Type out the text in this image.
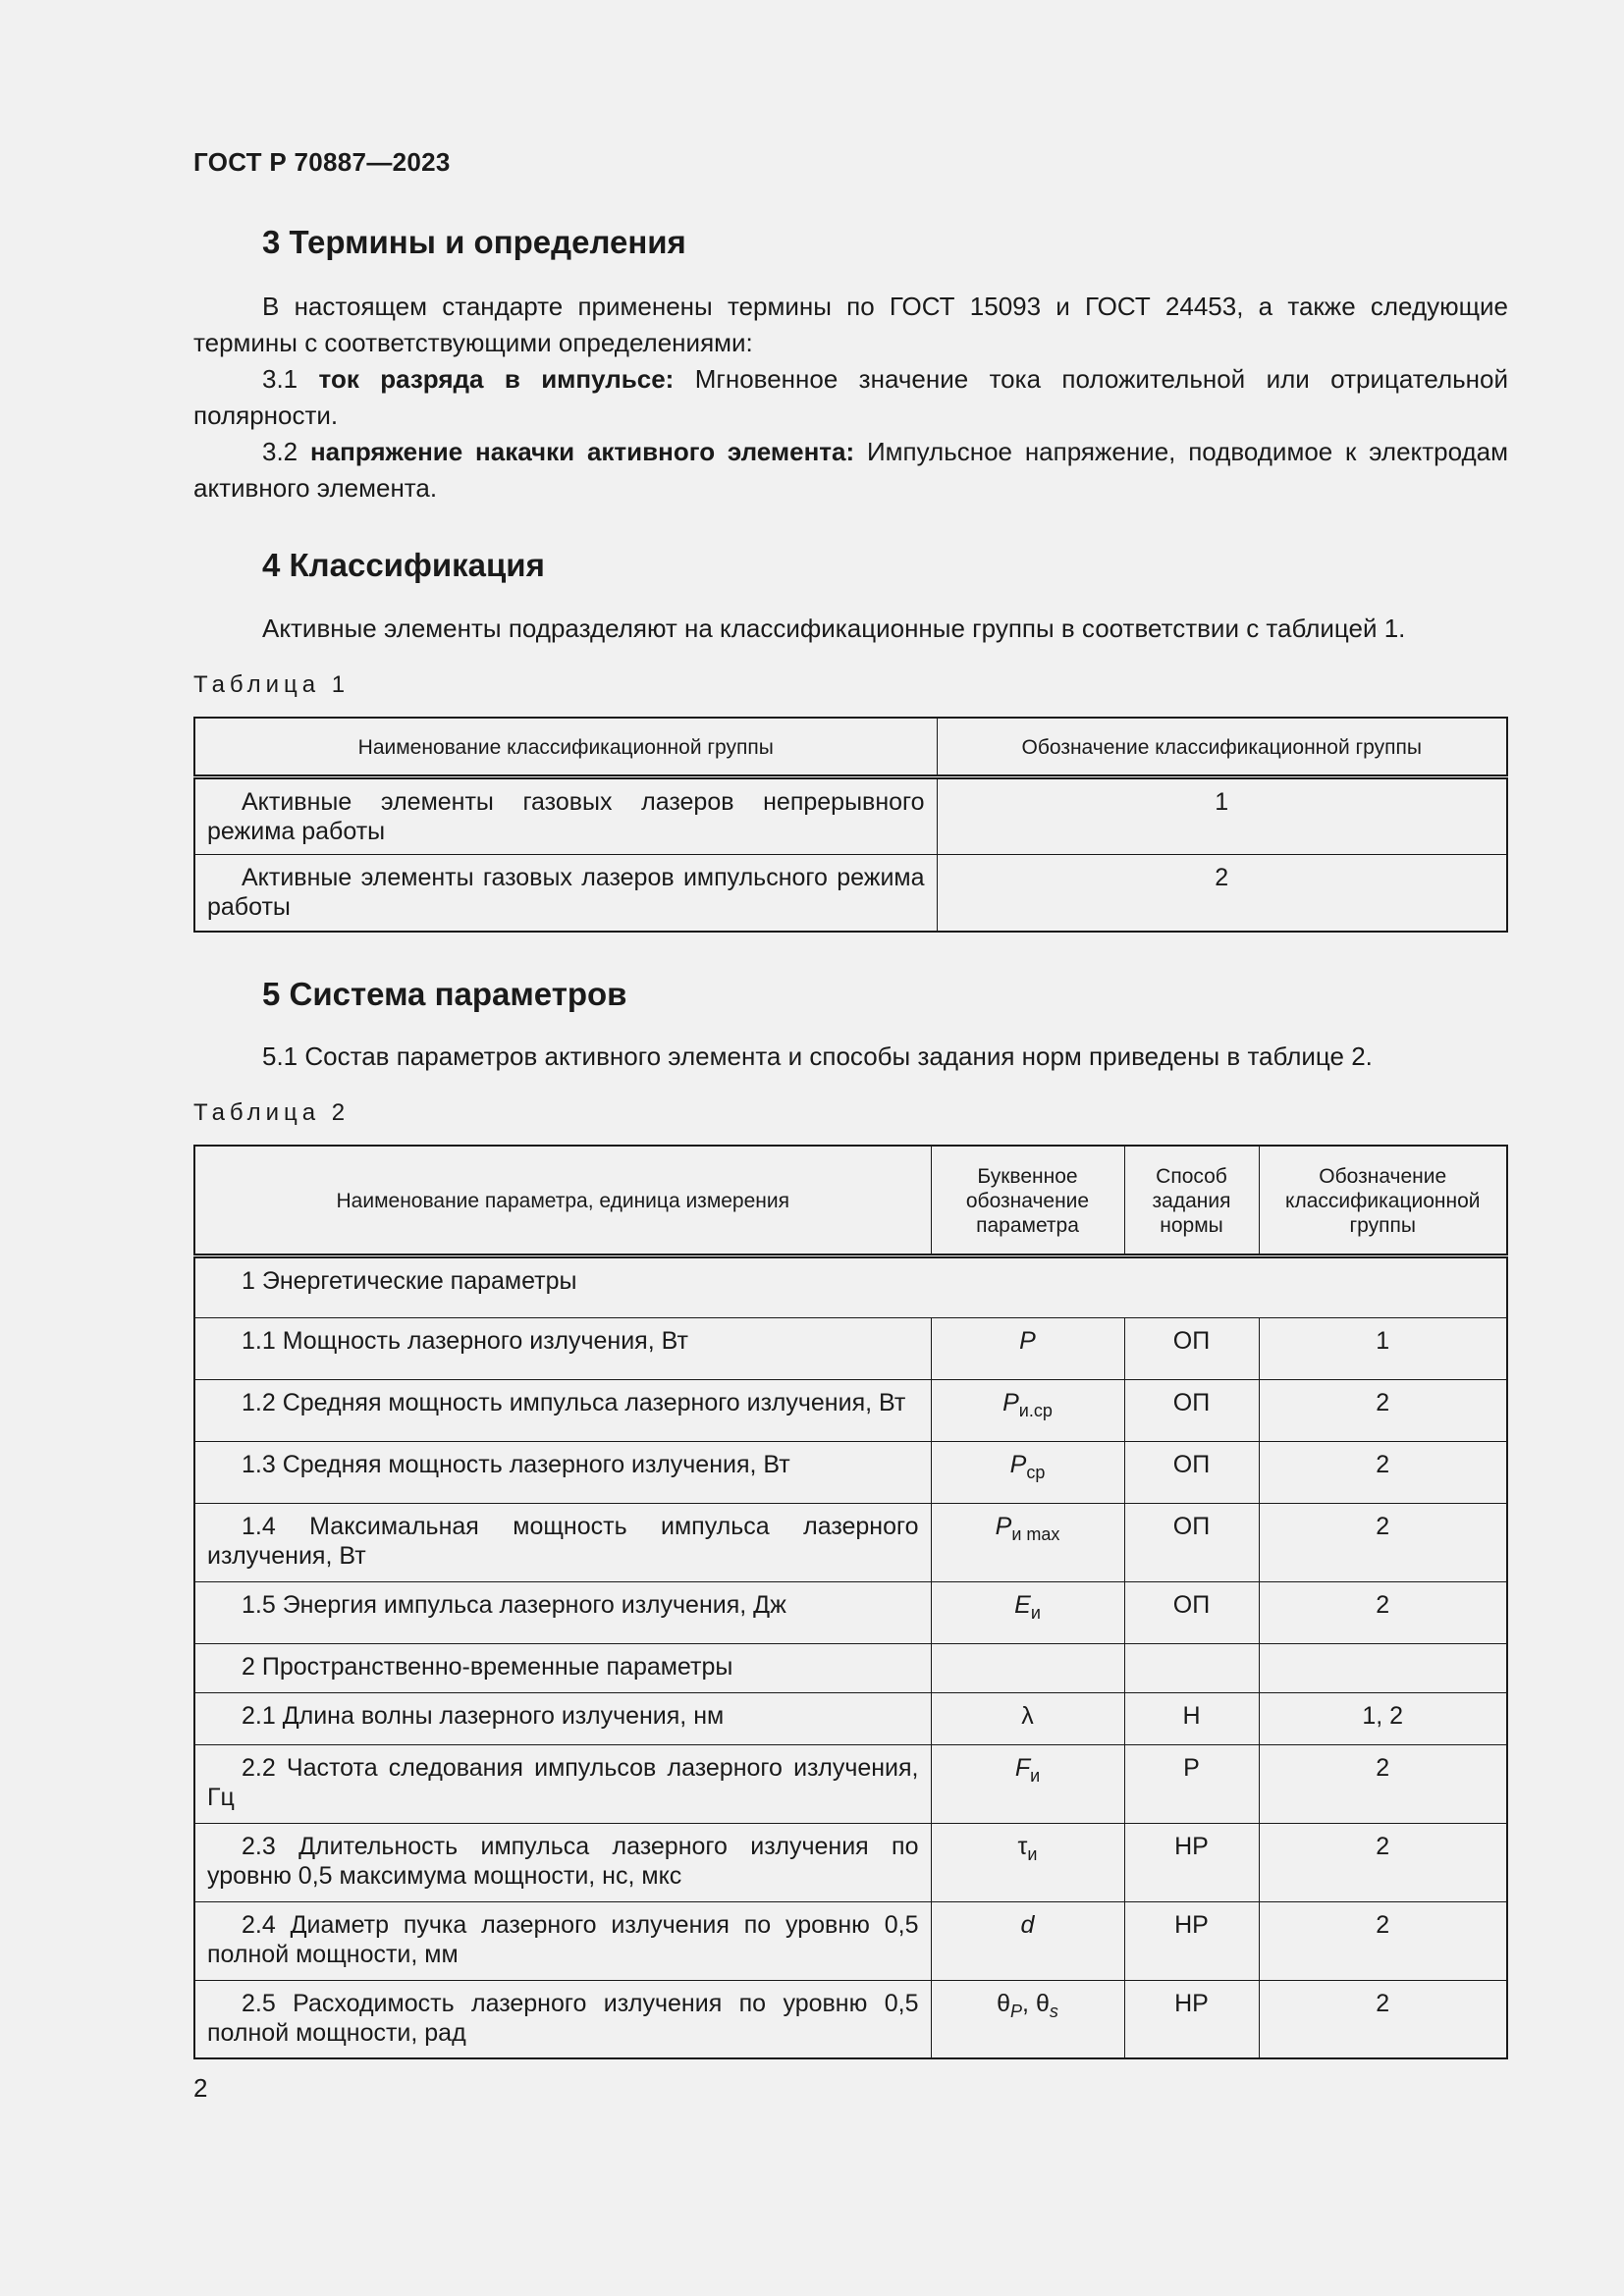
ГОСТ Р 70887—2023
3 Термины и определения

В настоящем стандарте применены термины по ГОСТ 15093 и ГОСТ 24453, а также следующие термины с соответствующими определениями:

3.1 ток разряда в импульсе: Мгновенное значение тока положительной или отрицательной полярности.

3.2 напряжение накачки активного элемента: Импульсное напряжение, подводимое к электродам активного элемента.

4 Классификация

Активные элементы подразделяют на классификационные группы в соответствии с таблицей 1.

Таблица 1
Наименование классификационной группы	Обозначение классификационной группы
Активные элементы газовых лазеров непрерывного режима работы	1
Активные элементы газовых лазеров импульсного режима работы	2
5 Система параметров

5.1 Состав параметров активного элемента и способы задания норм приведены в таблице 2.

Таблица 2
Наименование параметра, единица измерения	Буквенное обозначение параметра	Способ задания нормы	Обозначение классификационной группы
1 Энергетические параметры			
1.1 Мощность лазерного излучения, Вт	P	ОП	1
1.2 Средняя мощность импульса лазерного излучения, Вт	$P_{и.ср}$	ОП	2
1.3 Средняя мощность лазерного излучения, Вт	$P_{ср}$	ОП	2
1.4 Максимальная мощность импульса лазерного излучения, Вт	$P_{и max}$	ОП	2
1.5 Энергия импульса лазерного излучения, Дж	$E_и$	ОП	2
2 Пространственно-временные параметры			
2.1 Длина волны лазерного излучения, нм	λ	Н	1, 2
2.2 Частота следования импульсов лазерного излучения, Гц	$F_и$	Р	2
2.3 Длительность импульса лазерного излучения по уровню 0,5 максимума мощности, нс, мкс	$\tau_и$	НР	2
2.4 Диаметр пучка лазерного излучения по уровню 0,5 полной мощности, мм	d	НР	2
2.5 Расходимость лазерного излучения по уровню 0,5 полной мощности, рад	$\theta_P$, $\theta_s$	НР	2
2
